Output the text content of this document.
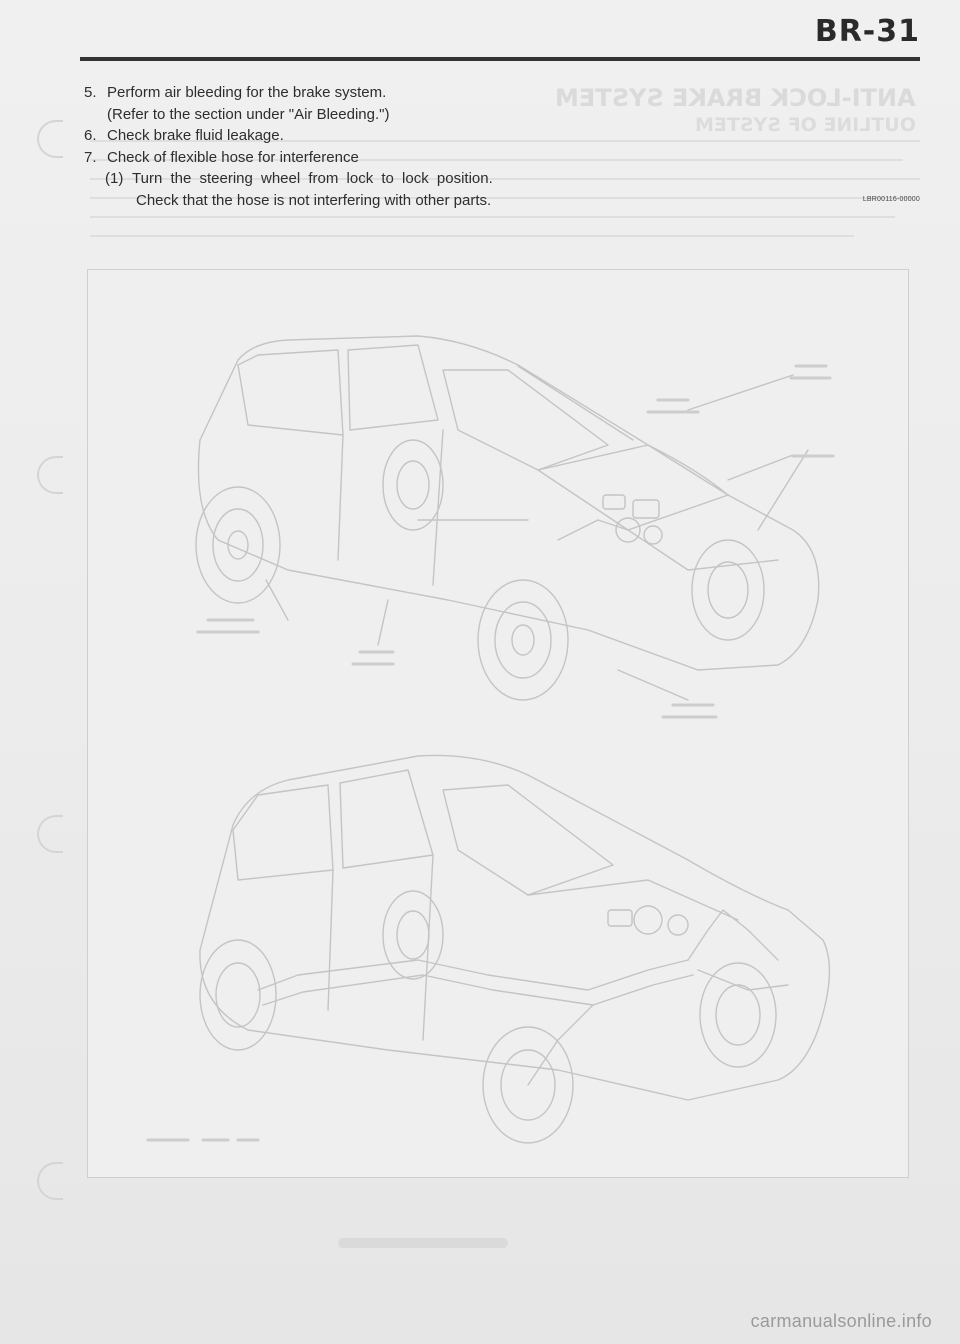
BR-31
ANTI-LOCK BRAKE SYSTEM
OUTLINE OF SYSTEM
5. Perform air bleeding for the brake system.
(Refer to the section under "Air Bleeding.")
6. Check brake fluid leakage.
7. Check of flexible hose for interference
(1) Turn the steering wheel from lock to lock position.
Check that the hose is not interfering with other parts.	LBR00116-00000
carmanualsonline.info
